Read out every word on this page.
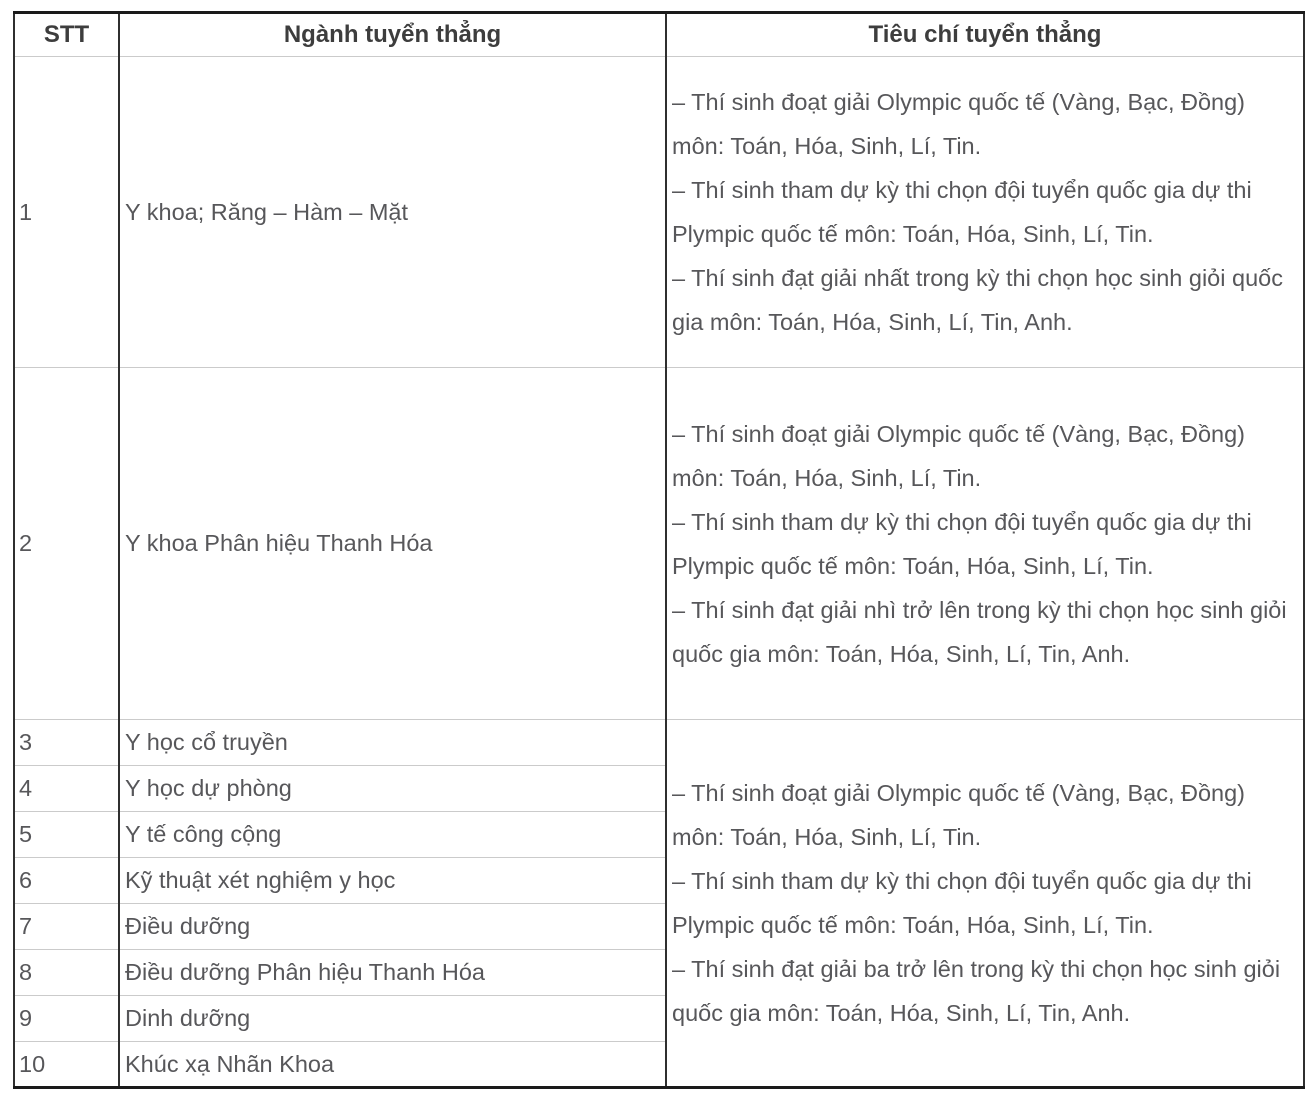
STT	Ngành tuyển thẳng	Tiêu chí tuyển thẳng
1	Y khoa; Răng – Hàm – Mặt	– Thí sinh đoạt giải Olympic quốc tế (Vàng, Bạc, Đồng) môn: Toán, Hóa, Sinh, Lí, Tin.
– Thí sinh tham dự kỳ thi chọn đội tuyển quốc gia dự thi Plympic quốc tế môn: Toán, Hóa, Sinh, Lí, Tin.
– Thí sinh đạt giải nhất trong kỳ thi chọn học sinh giỏi quốc gia môn: Toán, Hóa, Sinh, Lí, Tin, Anh.

2	Y khoa Phân hiệu Thanh Hóa	– Thí sinh đoạt giải Olympic quốc tế (Vàng, Bạc, Đồng) môn: Toán, Hóa, Sinh, Lí, Tin.
– Thí sinh tham dự kỳ thi chọn đội tuyển quốc gia dự thi Plympic quốc tế môn: Toán, Hóa, Sinh, Lí, Tin.
– Thí sinh đạt giải nhì trở lên trong kỳ thi chọn học sinh giỏi quốc gia môn: Toán, Hóa, Sinh, Lí, Tin, Anh.

3	Y học cổ truyền	– Thí sinh đoạt giải Olympic quốc tế (Vàng, Bạc, Đồng) môn: Toán, Hóa, Sinh, Lí, Tin.
– Thí sinh tham dự kỳ thi chọn đội tuyển quốc gia dự thi Plympic quốc tế môn: Toán, Hóa, Sinh, Lí, Tin.
– Thí sinh đạt giải ba trở lên trong kỳ thi chọn học sinh giỏi quốc gia môn: Toán, Hóa, Sinh, Lí, Tin, Anh.

4	Y học dự phòng	
5	Y tế công cộng	
6	Kỹ thuật xét nghiệm y học	
7	Điều dưỡng	
8	Điều dưỡng Phân hiệu Thanh Hóa	
9	Dinh dưỡng	
10	Khúc xạ Nhãn Khoa	
